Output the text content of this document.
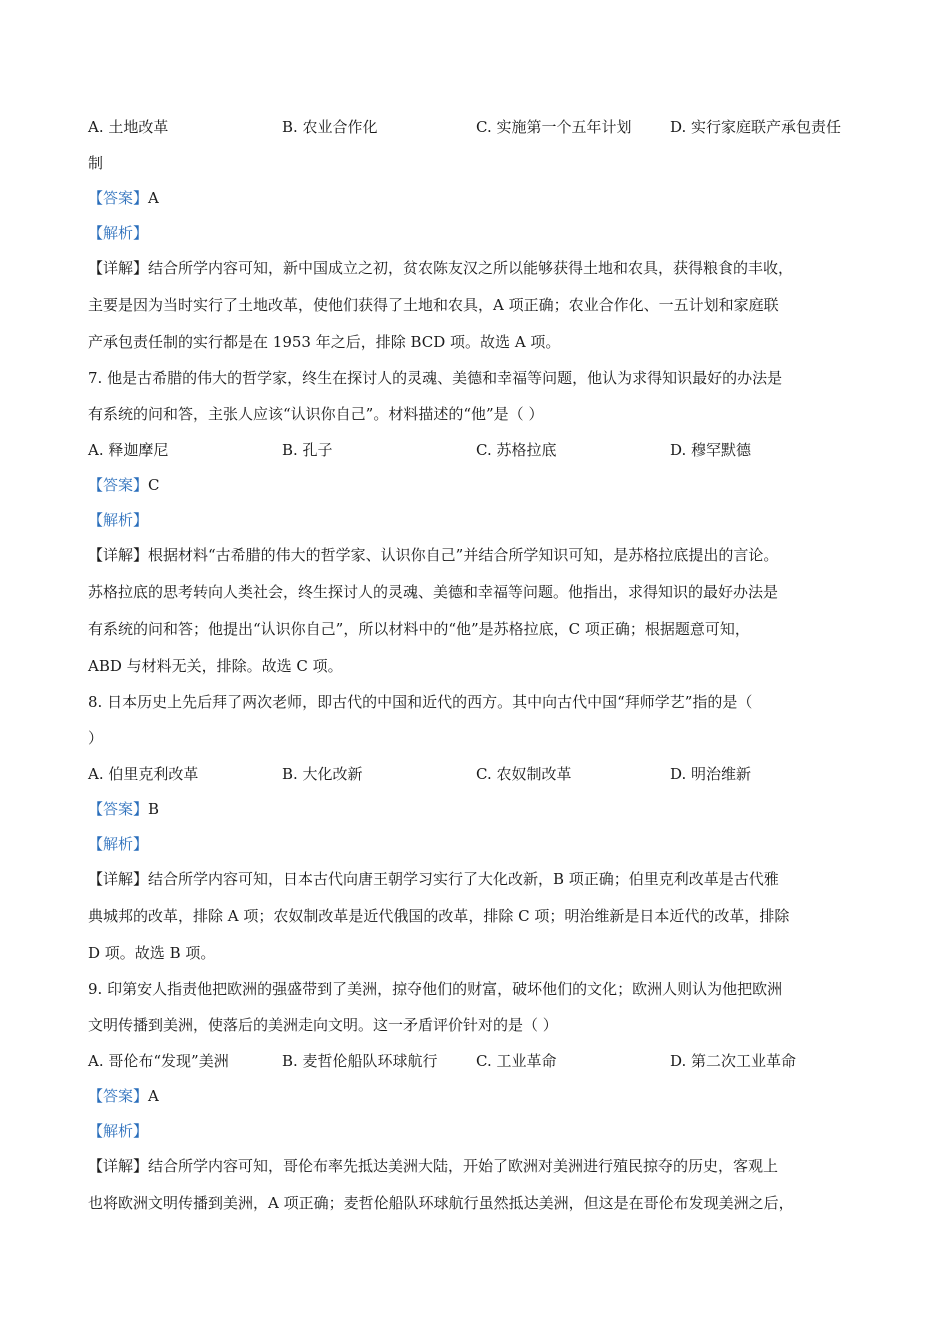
A. 土地改革	B. 农业合作化	C. 实施第一个五年计划	D. 实行家庭联产承包责任
制
【答案】A
【解析】
【详解】结合所学内容可知，新中国成立之初，贫农陈友汉之所以能够获得土地和农具，获得粮食的丰收，
主要是因为当时实行了土地改革，使他们获得了土地和农具，A 项正确；农业合作化、一五计划和家庭联
产承包责任制的实行都是在 1953 年之后，排除 BCD 项。故选 A 项。
7. 他是古希腊的伟大的哲学家，终生在探讨人的灵魂、美德和幸福等问题，他认为求得知识最好的办法是
有系统的问和答，主张人应该“认识你自己”。材料描述的“他”是（ ）
A. 释迦摩尼	B. 孔子	C. 苏格拉底	D. 穆罕默德
【答案】C
【解析】
【详解】根据材料“古希腊的伟大的哲学家、认识你自己”并结合所学知识可知，是苏格拉底提出的言论。
苏格拉底的思考转向人类社会，终生探讨人的灵魂、美德和幸福等问题。他指出，求得知识的最好办法是
有系统的问和答；他提出“认识你自己”，所以材料中的“他”是苏格拉底，C 项正确；根据题意可知，
ABD 与材料无关，排除。故选 C 项。
8. 日本历史上先后拜了两次老师，即古代的中国和近代的西方。其中向古代中国“拜师学艺”指的是（
）
A. 伯里克利改革	B. 大化改新	C. 农奴制改革	D. 明治维新
【答案】B
【解析】
【详解】结合所学内容可知，日本古代向唐王朝学习实行了大化改新，B 项正确；伯里克利改革是古代雅
典城邦的改革，排除 A 项；农奴制改革是近代俄国的改革，排除 C 项；明治维新是日本近代的改革，排除
D 项。故选 B 项。
9. 印第安人指责他把欧洲的强盛带到了美洲，掠夺他们的财富，破坏他们的文化；欧洲人则认为他把欧洲
文明传播到美洲，使落后的美洲走向文明。这一矛盾评价针对的是（ ）
A. 哥伦布“发现”美洲	B. 麦哲伦船队环球航行	C. 工业革命	D. 第二次工业革命
【答案】A
【解析】
【详解】结合所学内容可知，哥伦布率先抵达美洲大陆，开始了欧洲对美洲进行殖民掠夺的历史，客观上
也将欧洲文明传播到美洲，A 项正确；麦哲伦船队环球航行虽然抵达美洲，但这是在哥伦布发现美洲之后，
